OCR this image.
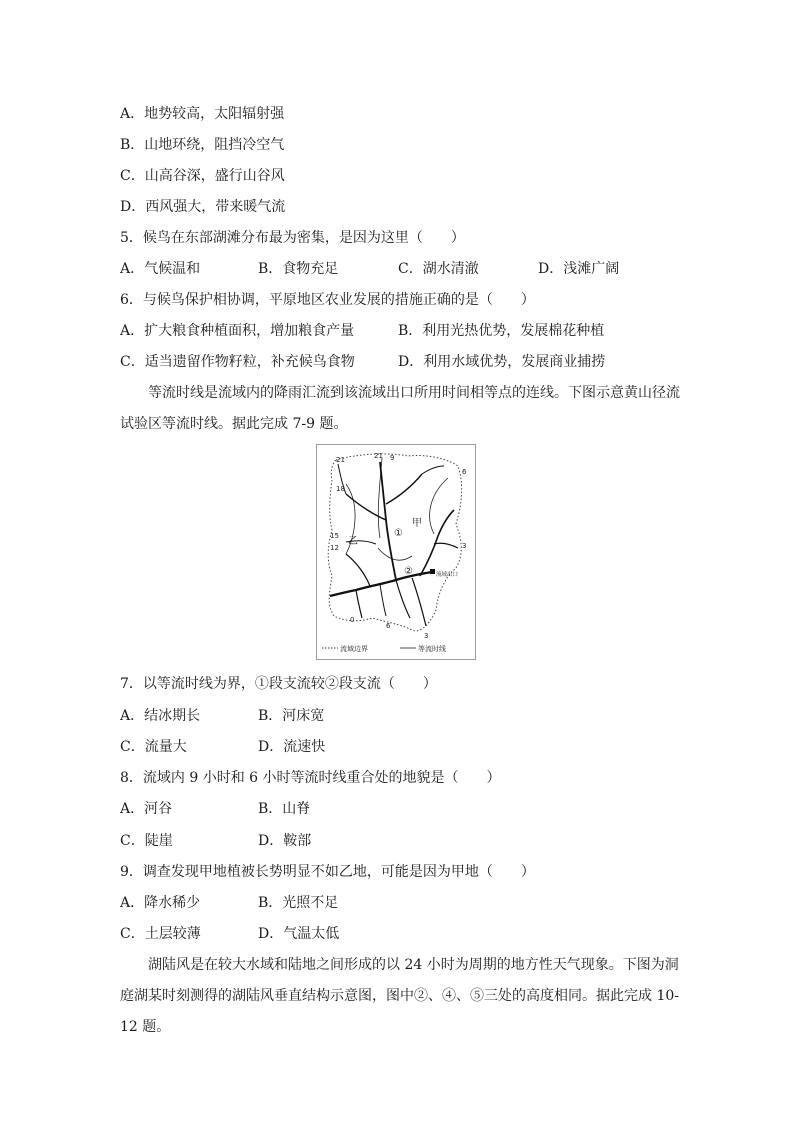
A．地势较高，太阳辐射强
B．山地环绕，阻挡冷空气
C．山高谷深，盛行山谷风
D．西风强大，带来暖气流
5．候鸟在东部湖滩分布最为密集，是因为这里（　　）
A．气候温和	B．食物充足	C．湖水清澈	D．浅滩广阔
6．与候鸟保护相协调，平原地区农业发展的措施正确的是（　　）
A．扩大粮食种植面积，增加粮食产量	B．利用光热优势，发展棉花种植
C．适当遗留作物籽粒，补充候鸟食物	D．利用水域优势，发展商业捕捞
等流时线是流域内的降雨汇流到该流域出口所用时间相等点的连线。下图示意黄山径流试验区等流时线。据此完成 7-9 题。
21	21 9
6
18
15
12	3
0
6
3
甲
乙
①
②	流域出口
流域边界	等流时线
7．以等流时线为界，①段支流较②段支流（　　）
A．结冰期长	B．河床宽
C．流量大	D．流速快
8．流域内 9 小时和 6 小时等流时线重合处的地貌是（　　）
A．河谷	B．山脊
C．陡崖	D．鞍部
9．调查发现甲地植被长势明显不如乙地，可能是因为甲地（　　）
A．降水稀少	B．光照不足
C．土层较薄	D．气温太低
湖陆风是在较大水域和陆地之间形成的以 24 小时为周期的地方性天气现象。下图为洞庭湖某时刻测得的湖陆风垂直结构示意图，图中②、④、⑤三处的高度相同。据此完成 10-12 题。
